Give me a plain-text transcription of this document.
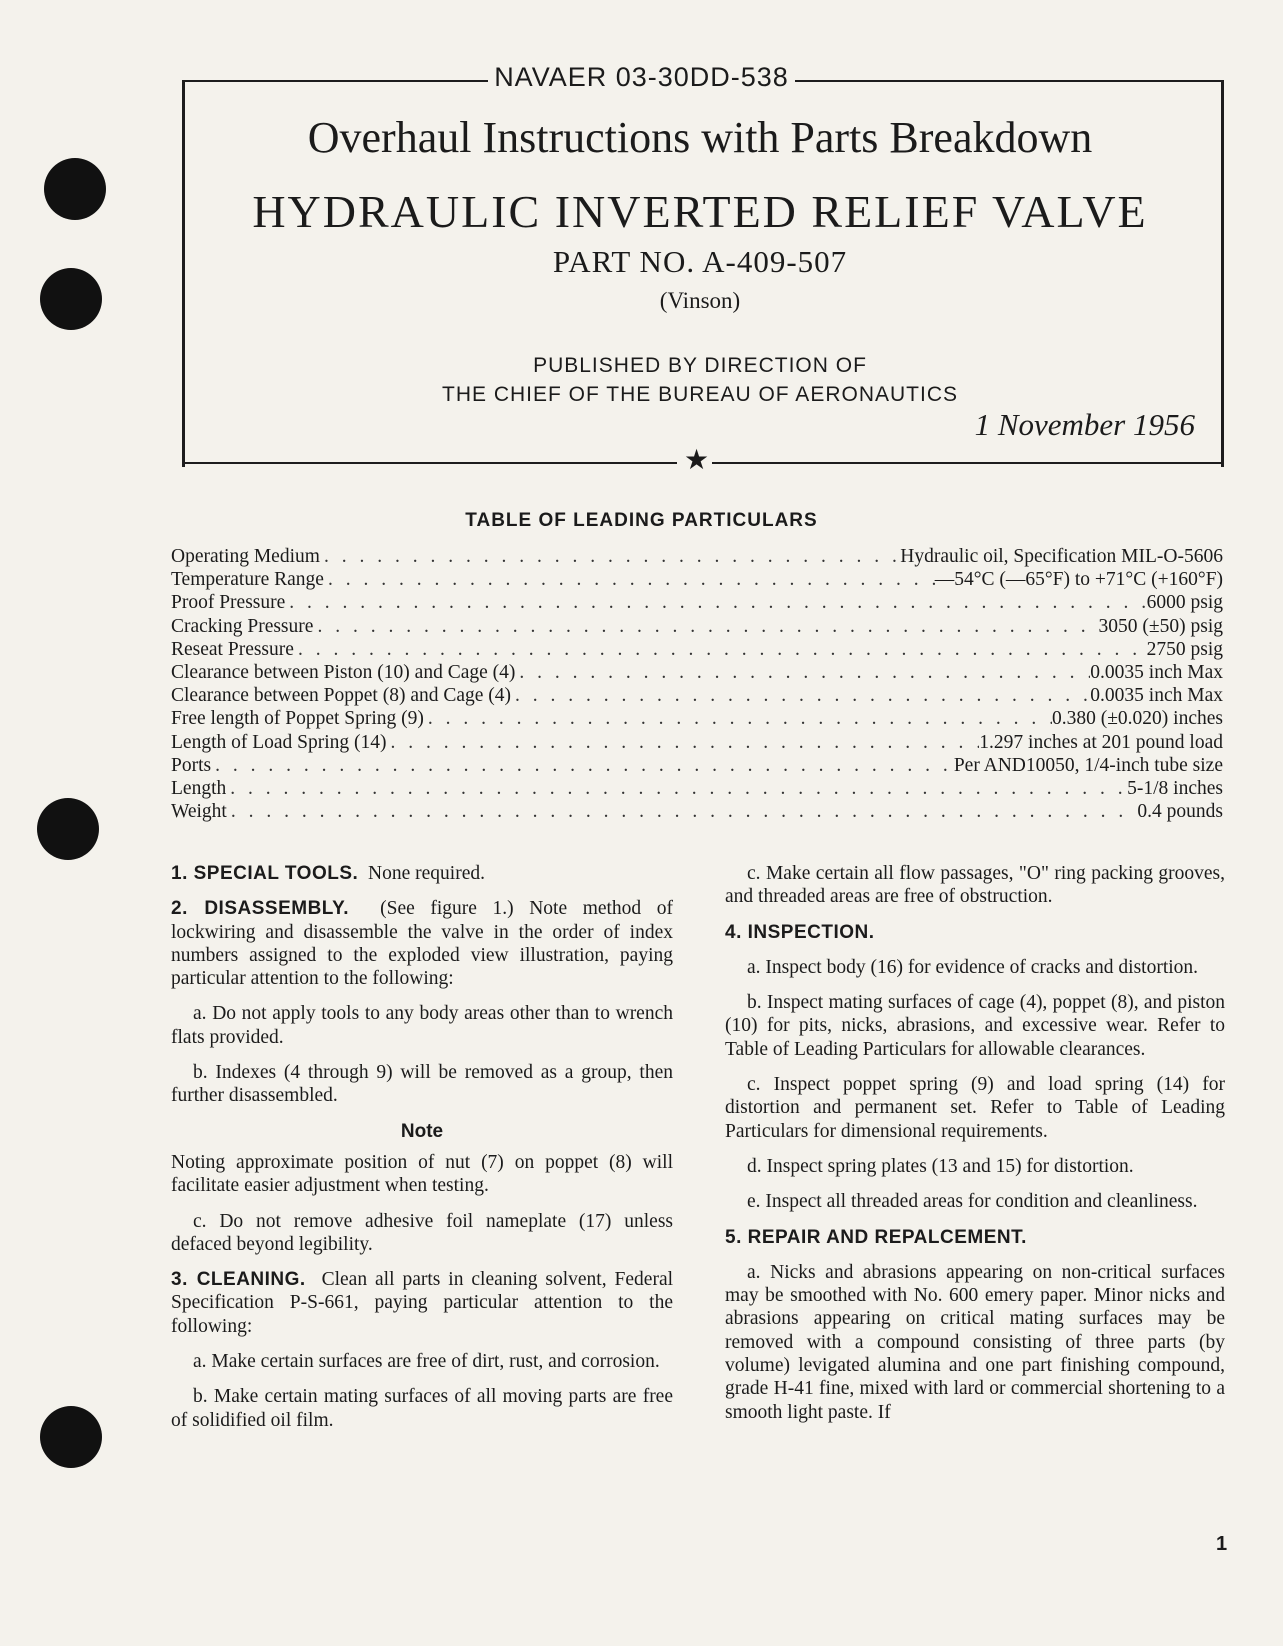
NAVAER 03-30DD-538
Overhaul Instructions with Parts Breakdown
HYDRAULIC INVERTED RELIEF VALVE
PART NO. A-409-507
(Vinson)
PUBLISHED BY DIRECTION OF
THE CHIEF OF THE BUREAU OF AERONAUTICS
1 November 1956
★
TABLE OF LEADING PARTICULARS
Operating Medium . . .	Hydraulic oil, Specification MIL-O-5606
Temperature Range . . .	—54°C (—65°F) to +71°C (+160°F)
Proof Pressure . . .	6000 psig
Cracking Pressure . . .	3050 (±50) psig
Reseat Pressure . . .	2750 psig
Clearance between Piston (10) and Cage (4) . . .	0.0035 inch Max
Clearance between Poppet (8) and Cage (4) . . .	0.0035 inch Max
Free length of Poppet Spring (9) . . .	0.380 (±0.020) inches
Length of Load Spring (14) . . .	1.297 inches at 201 pound load
Ports . . .	Per AND10050, 1/4-inch tube size
Length . . .	5-1/8 inches
Weight . . .	0.4 pounds

1. SPECIAL TOOLS. None required.

2. DISASSEMBLY. (See figure 1.) Note method of lockwiring and disassemble the valve in the order of index numbers assigned to the exploded view illustration, paying particular attention to the following:

a. Do not apply tools to any body areas other than to wrench flats provided.

b. Indexes (4 through 9) will be removed as a group, then further disassembled.

Note

Noting approximate position of nut (7) on poppet (8) will facilitate easier adjustment when testing.

c. Do not remove adhesive foil nameplate (17) unless defaced beyond legibility.

3. CLEANING. Clean all parts in cleaning solvent, Federal Specification P-S-661, paying particular attention to the following:

a. Make certain surfaces are free of dirt, rust, and corrosion.

b. Make certain mating surfaces of all moving parts are free of solidified oil film.

c. Make certain all flow passages, "O" ring packing grooves, and threaded areas are free of obstruction.

4. INSPECTION.

a. Inspect body (16) for evidence of cracks and distortion.

b. Inspect mating surfaces of cage (4), poppet (8), and piston (10) for pits, nicks, abrasions, and excessive wear. Refer to Table of Leading Particulars for allowable clearances.

c. Inspect poppet spring (9) and load spring (14) for distortion and permanent set. Refer to Table of Leading Particulars for dimensional requirements.

d. Inspect spring plates (13 and 15) for distortion.

e. Inspect all threaded areas for condition and cleanliness.

5. REPAIR AND REPALCEMENT.

a. Nicks and abrasions appearing on non-critical surfaces may be smoothed with No. 600 emery paper. Minor nicks and abrasions appearing on critical mating surfaces may be removed with a compound consisting of three parts (by volume) levigated alumina and one part finishing compound, grade H-41 fine, mixed with lard or commercial shortening to a smooth light paste. If

1
